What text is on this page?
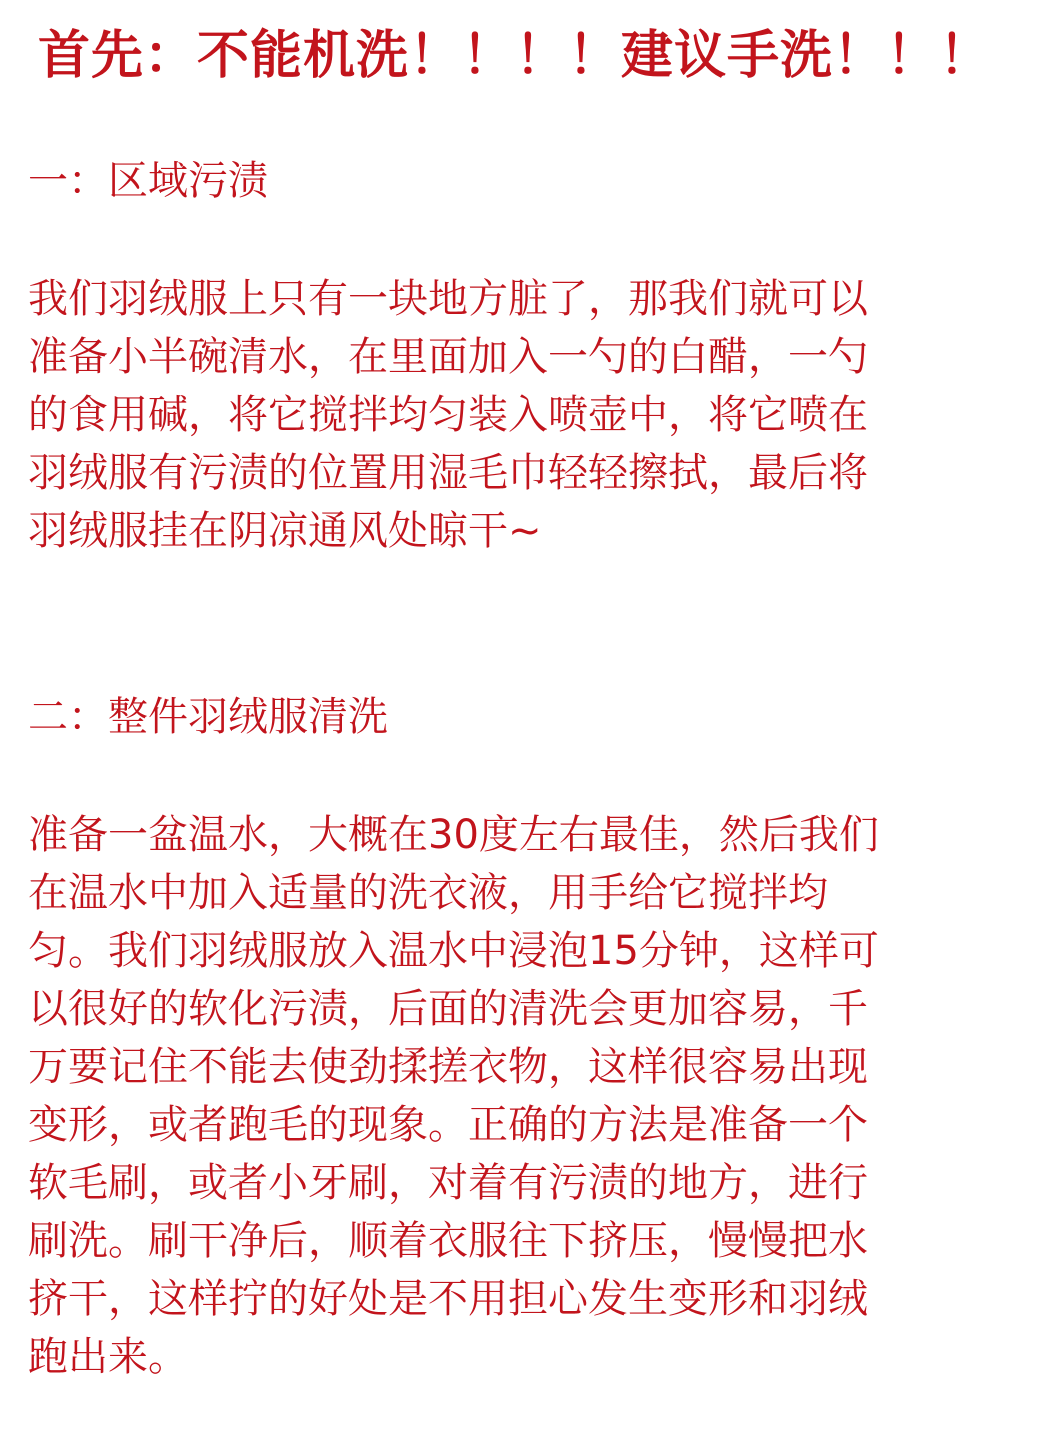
首先：不能机洗！！！！建议手洗！！！
一：区域污渍

我们羽绒服上只有一块地方脏了，那我们就可以
准备小半碗清水，在里面加入一勺的白醋，一勺
的食用碱，将它搅拌均匀装入喷壶中，将它喷在
羽绒服有污渍的位置用湿毛巾轻轻擦拭，最后将
羽绒服挂在阴凉通风处晾干~

二：整件羽绒服清洗

准备一盆温水，大概在30度左右最佳，然后我们
在温水中加入适量的洗衣液，用手给它搅拌均
匀。我们羽绒服放入温水中浸泡15分钟，这样可
以很好的软化污渍，后面的清洗会更加容易，千
万要记住不能去使劲揉搓衣物，这样很容易出现
变形，或者跑毛的现象。正确的方法是准备一个
软毛刷，或者小牙刷，对着有污渍的地方，进行
刷洗。刷干净后，顺着衣服往下挤压，慢慢把水
挤干，这样拧的好处是不用担心发生变形和羽绒
跑出来。
